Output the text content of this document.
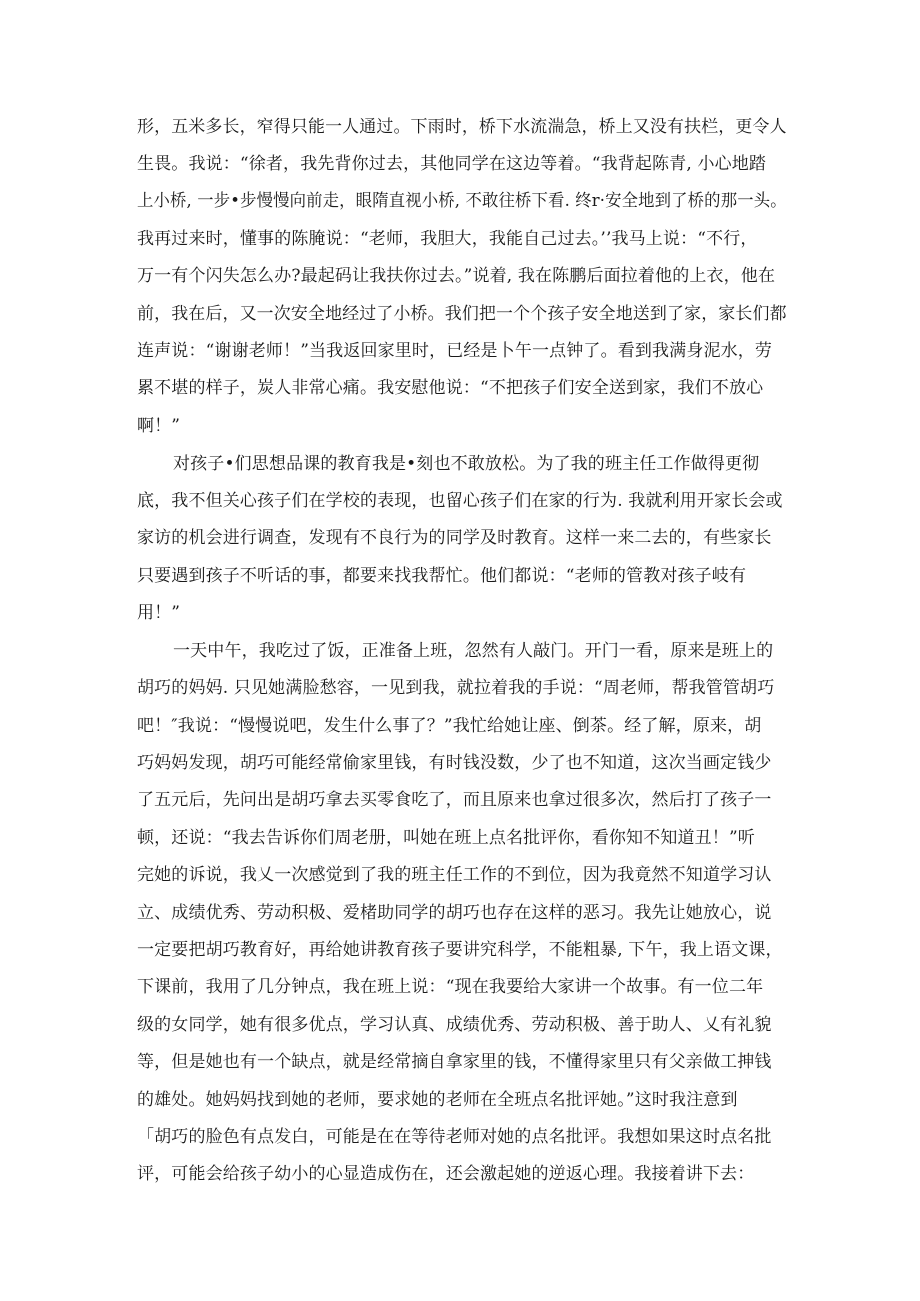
形，五米多长，窄得只能一人通过。下雨时，桥下水流湍急，桥上又没有扶栏，更令人
生畏。我说：“徐者，我先背你过去，其他同学在这边等着。“我背起陈青, 小心地踏
上小桥, 一步•步慢慢向前走，眼隋直视小桥, 不敢往桥下看. 终r·安全地到了桥的那一头。
我再过来时，懂事的陈腌说：“老师，我胆大，我能自己过去。’’我马上说：“不行，
万一有个闪失怎么办?最起码让我扶你过去。”说着, 我在陈鹏后面拉着他的上衣，他在
前，我在后，又一次安全地经过了小桥。我们把一个个孩子安全地送到了家，家长们都
连声说：“谢谢老师！”当我返回家里时，已经是卜午一点钟了。看到我满身泥水，劳
累不堪的样子，炭人非常心痛。我安慰他说：“不把孩子们安全送到家，我们不放心
啊！”
对孩子•们思想品课的教育我是•刻也不敢放松。为了我的班主任工作做得更彻
底，我不但关心孩子们在学校的表现，也留心孩子们在家的行为. 我就利用开家长会或
家访的机会进行调查，发现有不良行为的同学及时教育。这样一来二去的，有些家长
只要遇到孩子不听话的事，都要来找我帮忙。他们都说：“老师的管教对孩子岐有
用！”
一天中午，我吃过了饭，正准备上班，忽然有人敲门。开门一看，原来是班上的
胡巧的妈妈. 只见她满脸愁容，一见到我，就拉着我的手说：“周老师，帮我管管胡巧
吧！″我说：“慢慢说吧，发生什么事了？”我忙给她让座、倒茶。经了解，原来，胡
巧妈妈发现，胡巧可能经常偷家里钱，有时钱没数，少了也不知道，这次当画定钱少
了五元后，先问出是胡巧拿去买零食吃了，而且原来也拿过很多次，然后打了孩子一
顿，还说：“我去告诉你们周老册，叫她在班上点名批评你，看你知不知道丑！”听
完她的诉说，我乂一次感觉到了我的班主任工作的不到位，因为我竟然不知道学习认
立、成绩优秀、劳动积极、爱楮助同学的胡巧也存在这样的恶习。我先让她放心，说
一定要把胡巧教育好，再给她讲教育孩子要讲究科学，不能粗暴, 下午，我上语文课，
下课前，我用了几分钟点，我在班上说：“现在我要给大家讲一个故事。有一位二年
级的女同学，她有很多优点，学习认真、成绩优秀、劳动积极、善于助人、乂有礼貌
等，但是她也有一个缺点，就是经常摘自拿家里的钱，不懂得家里只有父亲做工抻钱
的雄处。她妈妈找到她的老师，要求她的老师在全班点名批评她。”这时我注意到
「胡巧的脸色有点发白，可能是在在等待老师对她的点名批评。我想如果这时点名批
评，可能会给孩子幼小的心显造成伤在，还会激起她的逆返心理。我接着讲下去：
